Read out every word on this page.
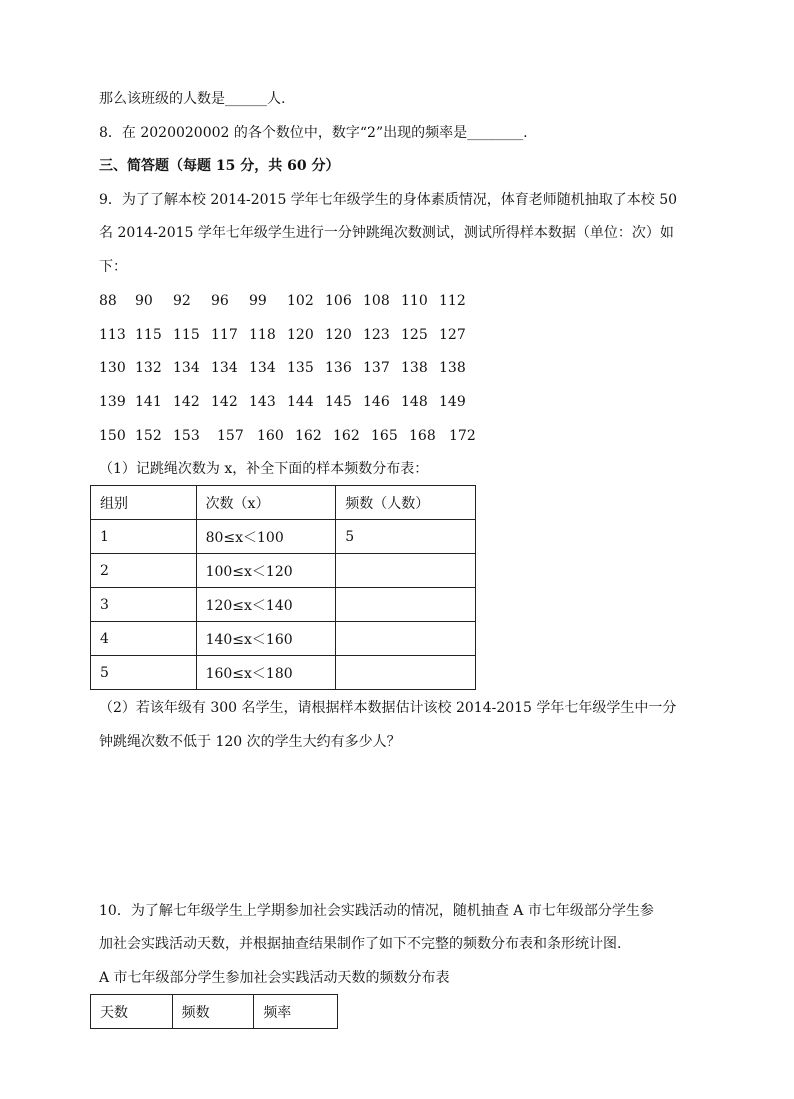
那么该班级的人数是______人.
8．在 2020020002 的各个数位中，数字“2”出现的频率是________.
三、简答题（每题 15 分，共 60 分）
9．为了了解本校 2014-2015 学年七年级学生的身体素质情况，体育老师随机抽取了本校 50
名 2014-2015 学年七年级学生进行一分钟跳绳次数测试，测试所得样本数据（单位：次）如
下：
88 90 92 96 99 102 106 108 110 112
113 115 115 117 118 120 120 123 125 127
130 132 134 134 134 135 136 137 138 138
139 141 142 142 143 144 145 146 148 149
150 152 153 157 160 162 162 165 168 172
（1）记跳绳次数为 x，补全下面的样本频数分布表：
组别	次数（x）	频数（人数）
1	80≤x＜100	5
2	100≤x＜120	
3	120≤x＜140	
4	140≤x＜160	
5	160≤x＜180	
（2）若该年级有 300 名学生，请根据样本数据估计该校 2014-2015 学年七年级学生中一分
钟跳绳次数不低于 120 次的学生大约有多少人？
10．为了解七年级学生上学期参加社会实践活动的情况，随机抽查 A 市七年级部分学生参
加社会实践活动天数，并根据抽查结果制作了如下不完整的频数分布表和条形统计图.
A 市七年级部分学生参加社会实践活动天数的频数分布表
天数	频数	频率
